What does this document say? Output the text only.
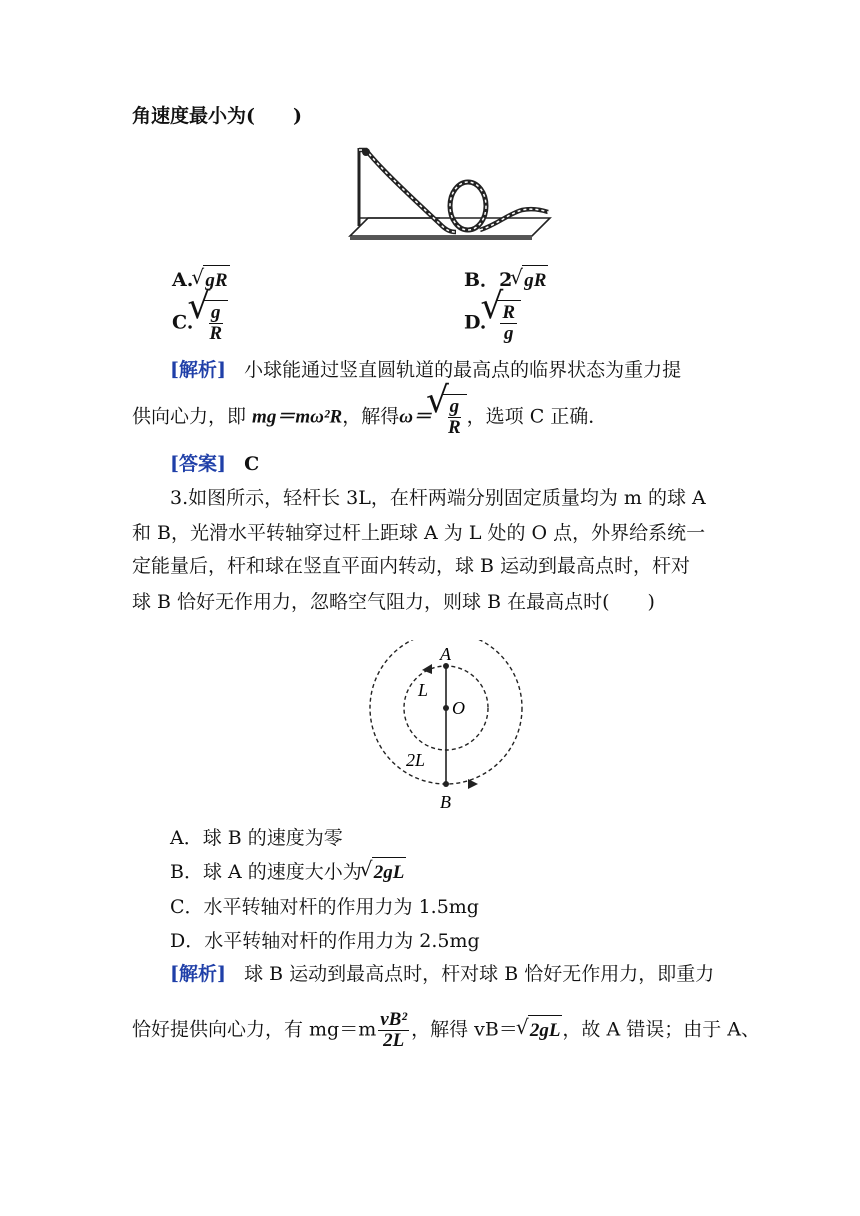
角速度最小为(　　 )
A. √ gR	B．2 √ gR
C. √ $\frac{g}{R}$	D. √ $\frac{R}{g}$
[解析] 小球能通过竖直圆轨道的最高点的临界状态为重力提
供向心力，即 mg＝mω²R，解得ω＝ √ $\frac{g}{R}$ ，选项 C 正确．
[答案] C
3.如图所示，轻杆长 3L，在杆两端分别固定质量均为 m 的球 A
和 B，光滑水平转轴穿过杆上距球 A 为 L 处的 O 点，外界给系统一
定能量后，杆和球在竖直平面内转动，球 B 运动到最高点时，杆对
球 B 恰好无作用力，忽略空气阻力，则球 B 在最高点时(　　)
A
O
L
2L
B
A．球 B 的速度为零
B．球 A 的速度大小为 √ 2gL
C．水平转轴对杆的作用力为 1.5mg
D．水平转轴对杆的作用力为 2.5mg
[解析] 球 B 运动到最高点时，杆对球 B 恰好无作用力，即重力
恰好提供向心力，有 $mg=m \frac{\text{vB²}}{2L}$ ，解得 vB＝ √ 2gL ，故 A 错误；由于 A、
